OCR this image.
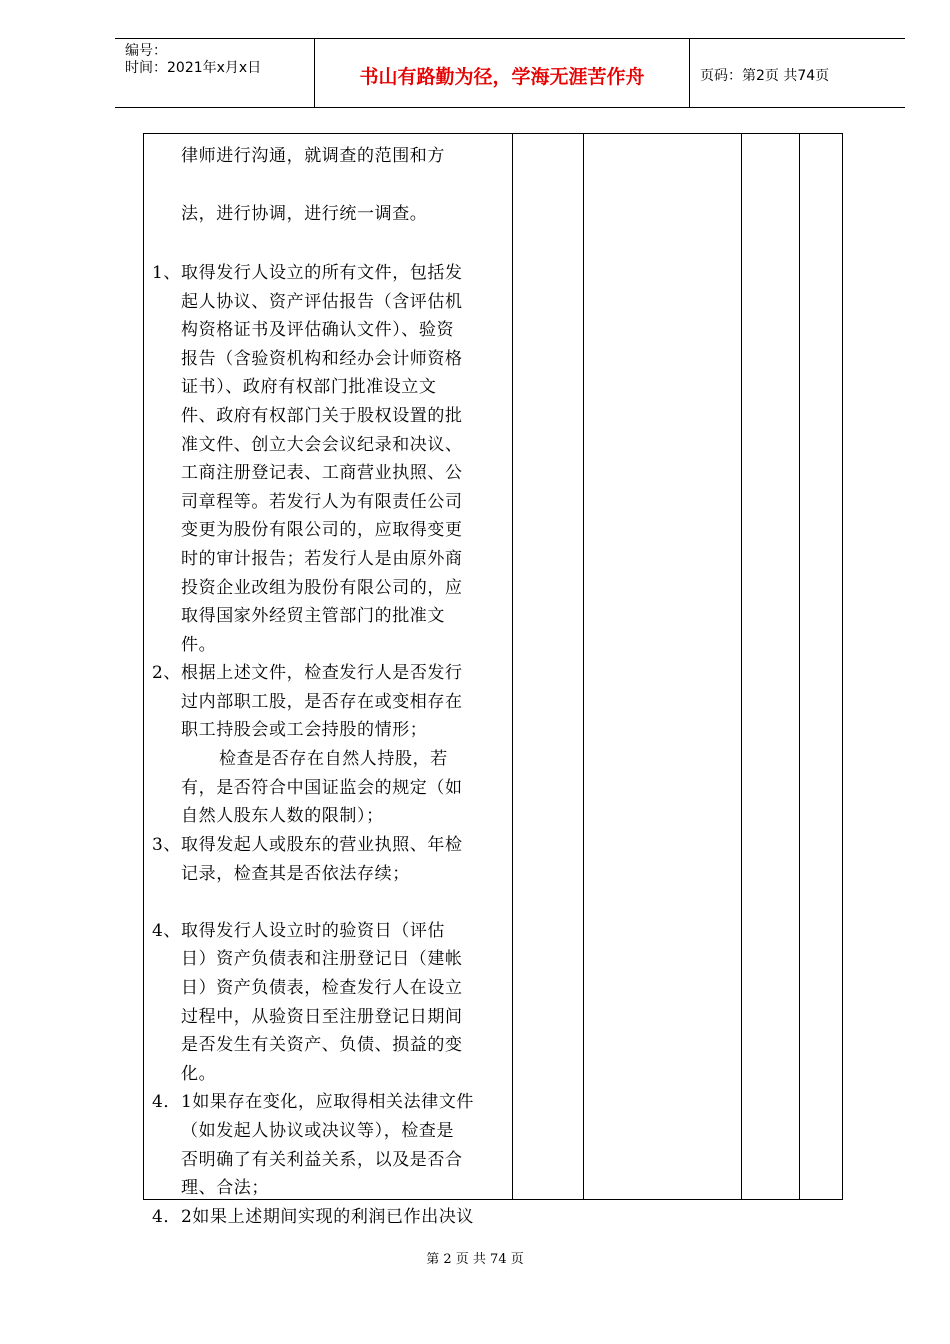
编号：
时间：2021年x月x日	书山有路勤为径，学海无涯苦作舟	页码：第2页 共74页
律师进行沟通，就调查的范围和方
法，进行协调，进行统一调查。
1、取得发行人设立的所有文件，包括发
起人协议、资产评估报告（含评估机
构资格证书及评估确认文件）、验资
报告（含验资机构和经办会计师资格
证书）、政府有权部门批准设立文
件、政府有权部门关于股权设置的批
准文件、创立大会会议纪录和决议、
工商注册登记表、工商营业执照、公
司章程等。若发行人为有限责任公司
变更为股份有限公司的，应取得变更
时的审计报告；若发行人是由原外商
投资企业改组为股份有限公司的，应
取得国家外经贸主管部门的批准文
件。
2、根据上述文件，检查发行人是否发行
过内部职工股，是否存在或变相存在
职工持股会或工会持股的情形；
检查是否存在自然人持股，若
有，是否符合中国证监会的规定（如
自然人股东人数的限制）；
3、取得发起人或股东的营业执照、年检
记录，检查其是否依法存续；
4、取得发行人设立时的验资日（评估
日）资产负债表和注册登记日（建帐
日）资产负债表，检查发行人在设立
过程中，从验资日至注册登记日期间
是否发生有关资产、负债、损益的变
化。
4．1如果存在变化，应取得相关法律文件
（如发起人协议或决议等），检查是
否明确了有关利益关系，以及是否合
理、合法；
4．2如果上述期间实现的利润已作出决议
第 2 页 共 74 页
